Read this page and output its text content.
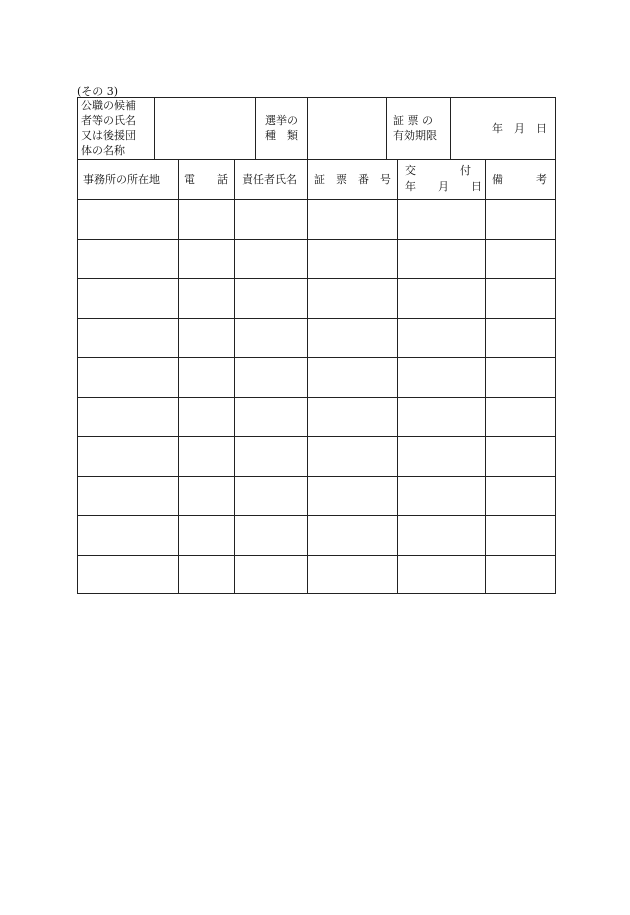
(その 3)
公職の候補
者等の氏名
又は後援団
体の名称
選挙の
種　類
証 票 の
有効期限
年　月　日
事務所の所在地 電　　話 責任者氏名 証　票　番　号
交　　　　付
年　　月　　日
備　　　考
